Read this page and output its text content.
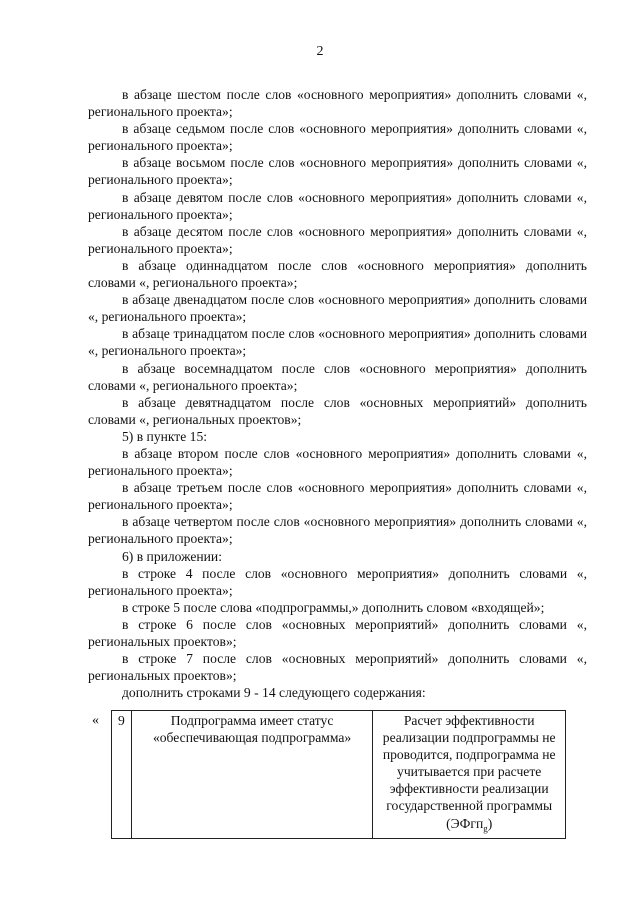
2

в абзаце шестом после слов «основного мероприятия» дополнить словами «, регионального проекта»;

в абзаце седьмом после слов «основного мероприятия» дополнить словами «, регионального проекта»;

в абзаце восьмом после слов «основного мероприятия» дополнить словами «, регионального проекта»;

в абзаце девятом после слов «основного мероприятия» дополнить словами «, регионального проекта»;

в абзаце десятом после слов «основного мероприятия» дополнить словами «, регионального проекта»;

в абзаце одиннадцатом после слов «основного мероприятия» дополнить словами «, регионального проекта»;

в абзаце двенадцатом после слов «основного мероприятия» дополнить словами «, регионального проекта»;

в абзаце тринадцатом после слов «основного мероприятия» дополнить словами «, регионального проекта»;

в абзаце восемнадцатом после слов «основного мероприятия» дополнить словами «, регионального проекта»;

в абзаце девятнадцатом после слов «основных мероприятий» дополнить словами «, региональных проектов»;

5) в пункте 15:

в абзаце втором после слов «основного мероприятия» дополнить словами «, регионального проекта»;

в абзаце третьем после слов «основного мероприятия» дополнить словами «, регионального проекта»;

в абзаце четвертом после слов «основного мероприятия» дополнить словами «, регионального проекта»;

6) в приложении:

в строке 4 после слов «основного мероприятия» дополнить словами «, регионального проекта»;

в строке 5 после слова «подпрограммы,» дополнить словом «входящей»;

в строке 6 после слов «основных мероприятий» дополнить словами «, региональных проектов»;

в строке 7 после слов «основных мероприятий» дополнить словами «, региональных проектов»;

дополнить строками 9 - 14 следующего содержания:

« 9	Подпрограмма имеет статус «обеспечивающая подпрограмма»	Расчет эффективности реализации подпрограммы не проводится, подпрограмма не учитывается при расчете эффективности реализации государственной программы
(ЭФгп$_g$)
